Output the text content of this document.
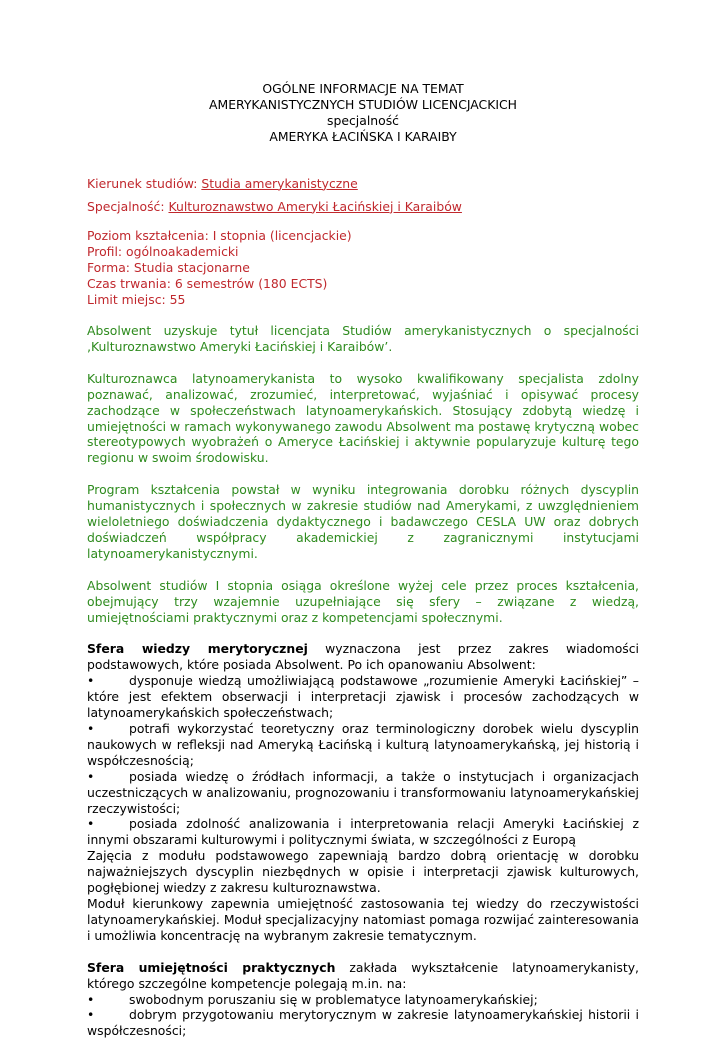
OGÓLNE INFORMACJE NA TEMAT

AMERYKANISTYCZNYCH STUDIÓW LICENCJACKICH

specjalność

AMERYKA ŁACIŃSKA I KARAIBY

Kierunek studiów: Studia amerykanistyczne

Specjalność: Kulturoznawstwo Ameryki Łacińskiej i Karaibów

Poziom kształcenia: I stopnia (licencjackie)
Profil: ogólnoakademicki
Forma: Studia stacjonarne
Czas trwania: 6 semestrów (180 ECTS)
Limit miejsc: 55

Absolwent uzyskuje tytuł licencjata Studiów amerykanistycznych o specjalności ‚Kulturoznawstwo Ameryki Łacińskiej i Karaibów’.

Kulturoznawca latynoamerykanista to wysoko kwalifikowany specjalista zdolny poznawać, analizować, zrozumieć, interpretować, wyjaśniać i opisywać procesy zachodzące w społeczeństwach latynoamerykańskich. Stosujący zdobytą wiedzę i umiejętności w ramach wykonywanego zawodu Absolwent ma postawę krytyczną wobec stereotypowych wyobrażeń o Ameryce Łacińskiej i aktywnie popularyzuje kulturę tego regionu w swoim środowisku.

Program kształcenia powstał w wyniku integrowania dorobku różnych dyscyplin humanistycznych i społecznych w zakresie studiów nad Amerykami, z uwzględnieniem wieloletniego doświadczenia dydaktycznego i badawczego CESLA UW oraz dobrych doświadczeń współpracy akademickiej z zagranicznymi instytucjami latynoamerykanistycznymi.

Absolwent studiów I stopnia osiąga określone wyżej cele przez proces kształcenia, obejmujący trzy wzajemnie uzupełniające się sfery – związane z wiedzą, umiejętnościami praktycznymi oraz z kompetencjami społecznymi.

Sfera wiedzy merytorycznej wyznaczona jest przez zakres wiadomości podstawowych, które posiada Absolwent. Po ich opanowaniu Absolwent:

•	dysponuje wiedzą umożliwiającą podstawowe „rozumienie Ameryki Łacińskiej” – które jest efektem obserwacji i interpretacji zjawisk i procesów zachodzących w latynoamerykańskich społeczeństwach;

•	potrafi wykorzystać teoretyczny oraz terminologiczny dorobek wielu dyscyplin naukowych w refleksji nad Ameryką Łacińską i kulturą latynoamerykańską, jej historią i współczesnością;

•	posiada wiedzę o źródłach informacji, a także o instytucjach i organizacjach uczestniczących w analizowaniu, prognozowaniu i transformowaniu latynoamerykańskiej rzeczywistości;

•	posiada zdolność analizowania i interpretowania relacji Ameryki Łacińskiej z innymi obszarami kulturowymi i politycznymi świata, w szczególności z Europą

Zajęcia z modułu podstawowego zapewniają bardzo dobrą orientację w dorobku najważniejszych dyscyplin niezbędnych w opisie i interpretacji zjawisk kulturowych, pogłębionej wiedzy z zakresu kulturoznawstwa.

Moduł kierunkowy zapewnia umiejętność zastosowania tej wiedzy do rzeczywistości latynoamerykańskiej. Moduł specjalizacyjny natomiast pomaga rozwijać zainteresowania i umożliwia koncentrację na wybranym zakresie tematycznym.

Sfera umiejętności praktycznych zakłada wykształcenie latynoamerykanisty, którego szczególne kompetencje polegają m.in. na:

•	swobodnym poruszaniu się w problematyce latynoamerykańskiej;

•	dobrym przygotowaniu merytorycznym w zakresie latynoamerykańskiej historii i współczesności;
